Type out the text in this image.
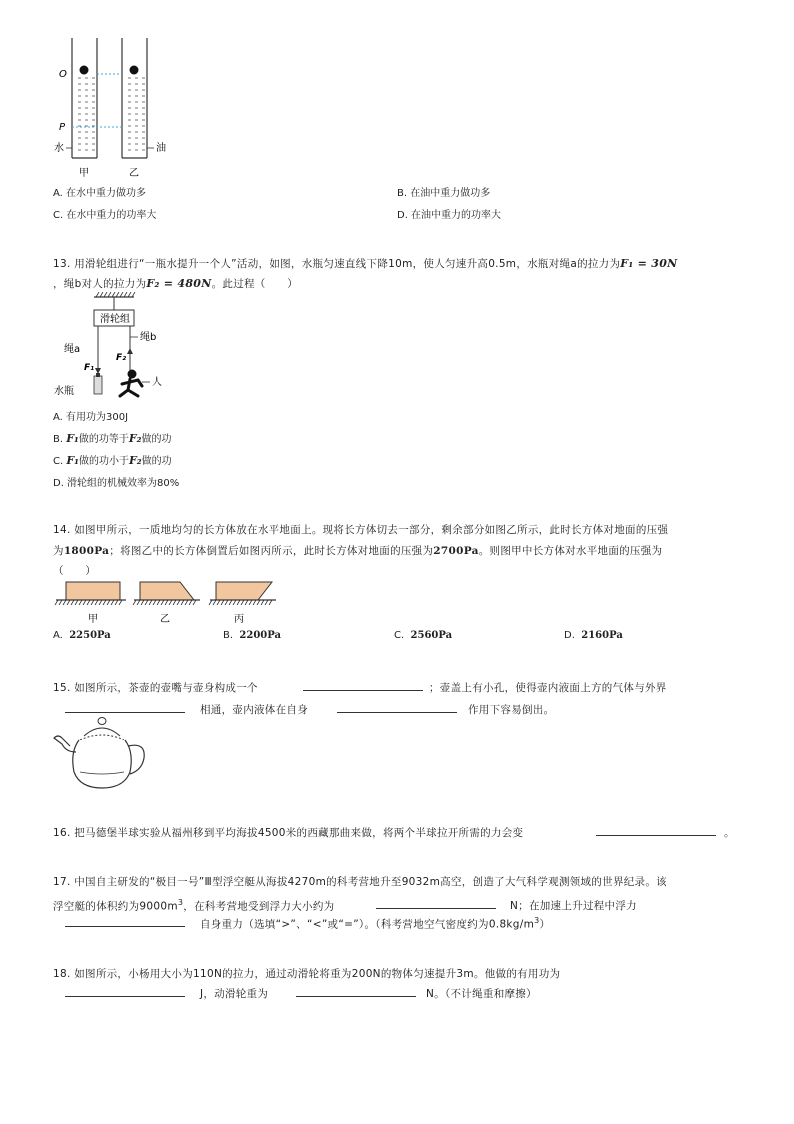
O
P
水	油
甲	乙
A. 在水中重力做功多	B. 在油中重力做功多
C. 在水中重力的功率大	D. 在油中重力的功率大
13. 用滑轮组进行“一瓶水提升一个人”活动，如图，水瓶匀速直线下降10m，使人匀速升高0.5m，水瓶对绳a的拉力为F₁ = 30N
，绳b对人的拉力为F₂ = 480N。此过程（　　）
滑轮组
绳a
F₁
水瓶
绳b
F₂
人
A. 有用功为300J
B. F₁做的功等于F₂做的功
C. F₁做的功小于F₂做的功
D. 滑轮组的机械效率为80%
14. 如图甲所示，一质地均匀的长方体放在水平地面上。现将长方体切去一部分，剩余部分如图乙所示，此时长方体对地面的压强
为1800Pa；将图乙中的长方体倒置后如图丙所示，此时长方体对地面的压强为2700Pa。则图甲中长方体对水平地面的压强为
（　　）
甲	乙	丙
A. 2250Pa	B. 2200Pa	C. 2560Pa	D. 2160Pa
15. 如图所示，茶壶的壶嘴与壶身构成一个	；壶盖上有小孔，使得壶内液面上方的气体与外界
相通，壶内液体在自身	作用下容易倒出。
16. 把马德堡半球实验从福州移到平均海拔4500米的西藏那曲来做，将两个半球拉开所需的力会变	。
17. 中国自主研发的“极目一号”Ⅲ型浮空艇从海拔4270m的科考营地升至9032m高空，创造了大气科学观测领域的世界纪录。该
浮空艇的体积约为$9000m^3$，在科考营地受到浮力大小约为	N；在加速上升过程中浮力
自身重力（选填“>”、“<”或“=”）。（科考营地空气密度约为$0.8kg/m^3$）
18. 如图所示，小杨用大小为110N的拉力，通过动滑轮将重为200N的物体匀速提升3m。他做的有用功为
J，动滑轮重为	N。（不计绳重和摩擦）
